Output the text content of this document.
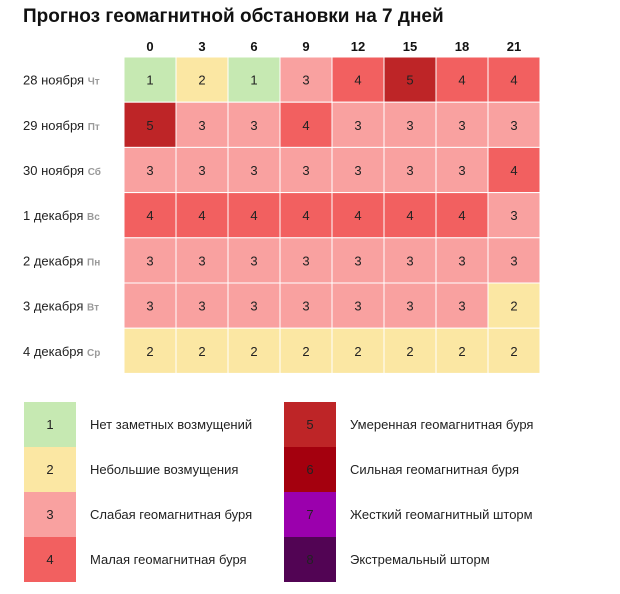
Прогноз геомагнитной обстановки на 7 дней
0	3	6	9	12	15	18	21
28 ноября Чт	1	2	1	3	4	5	4	4
29 ноября Пт	5	3	3	4	3	3	3	3
30 ноября Сб	3	3	3	3	3	3	3	4
1 декабря Вс	4	4	4	4	4	4	4	3
2 декабря Пн	3	3	3	3	3	3	3	3
3 декабря Вт	3	3	3	3	3	3	3	2
4 декабря Ср	2	2	2	2	2	2	2	2
1	Нет заметных возмущений
2	Небольшие возмущения
3	Слабая геомагнитная буря
4	Малая геомагнитная буря
5	Умеренная геомагнитная буря
6	Сильная геомагнитная буря
7	Жесткий геомагнитный шторм
8	Экстремальный шторм
